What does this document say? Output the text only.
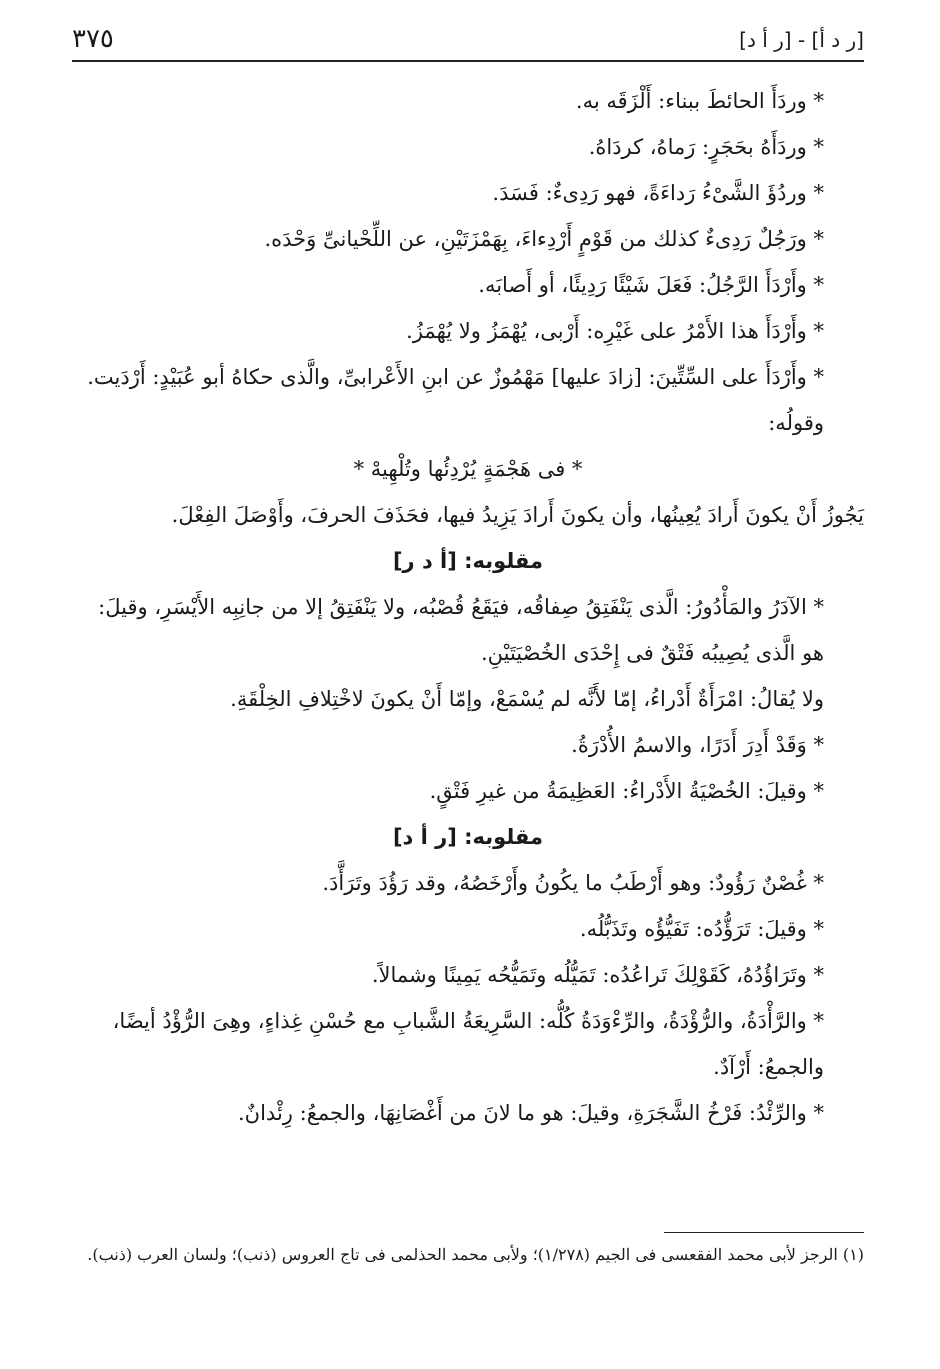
[ر د أ] - [ر أ د]
٣٧٥

* وردَأَ الحائطَ ببناء: أَلْزَقَه به.

* وردَأَهُ بحَجَرٍ: رَماهُ، كردَاهُ.

* وردُؤَ الشَّىْءُ رَداءَةً، فهو رَدِىءٌ: فَسَدَ.

* ورَجُلٌ رَدِىءٌ كذلك من قَوْمٍ أَرْدِءاءَ، بِهَمْزَتَيْنِ، عن اللِّحْيانىِّ وَحْدَه.

* وأَرْدَأَ الرَّجُلُ: فَعَلَ شَيْئًا رَدِيئًا، أو أَصابَه.

* وأَرْدَأَ هذا الأَمْرُ على غَيْرِه: أَرْبى، يُهْمَزُ ولا يُهْمَزُ.

* وأَرْدَأَ على السِّتِّينَ: [زادَ عليها] مَهْمُوزٌ عن ابنِ الأَعْرابىِّ، والَّذى حكاهُ أبو عُبَيْدٍ: أَرْدَيت.

وقولُه:

* فى هَجْمَةٍ يُرْدِئُها وتُلْهِيهْ *

يَجُوزُ أَنْ يكونَ أَرادَ يُعِينُها، وأن يكونَ أَرادَ يَزِيدُ فيها، فحَذَفَ الحرفَ، وأَوْصَلَ الفِعْلَ.

مقلوبه: [أ د ر]

* الآدَرُ والمَأْدُورُ: الَّذى يَنْفَتِقُ صِفاقُه، فيَقَعُ قُصْبُه، ولا يَنْفَتِقُ إلا من جانِبِه الأَيْسَرِ، وقيلَ: هو الَّذى يُصِيبُه فَتْقٌ فى إِحْدَى الخُصْيَتَيْنِ.

ولا يُقالُ: امْرَأَةٌ أَدْراءُ، إمّا لأَنَّه لم يُسْمَعْ، وإمّا أَنْ يكونَ لاخْتِلافِ الخِلْقَةِ.

* وَقَدْ أَدِرَ أَدَرًا، والاسمُ الأُدْرَةُ.

* وقيلَ: الخُصْيَةُ الأَدْراءُ: العَظِيمَةُ من غيرِ فَتْقٍ.

مقلوبه: [ر أ د]

* غُصْنٌ رَؤُودٌ: وهو أَرْطَبُ ما يكُونُ وأَرْخَصُهُ، وقد رَؤُدَ وتَرَأَّدَ.

* وقيلَ: تَرَؤُّدُه: تَفَيُّؤُه وتَذَبُّلُه.

* وتَرَاؤُدُهُ، كَقَوْلِكَ تَراعُدُه: تَمَيُّلُه وتَمَيُّحُه يَمِينًا وشمالاً.

* والرَّأْدَةُ، والرُّؤْدَةُ، والرِّءْوَدَةُ كُلُّه: السَّرِيعَةُ الشَّبابِ مع حُسْنِ غِذاءٍ، وهِىَ الرُّؤْدُ أيضًا، والجمعُ: أَرْآدٌ.

* والرِّئْدُ: فَرْخُ الشَّجَرَةِ، وقيلَ: هو ما لانَ من أَغْصَانِهَا، والجمعُ: رِئْدانٌ.

(١) الرجز لأبى محمد الفقعسى فى الجيم (١/٢٧٨)؛ ولأبى محمد الحذلمى فى تاج العروس (ذنب)؛ ولسان العرب (ذنب).
